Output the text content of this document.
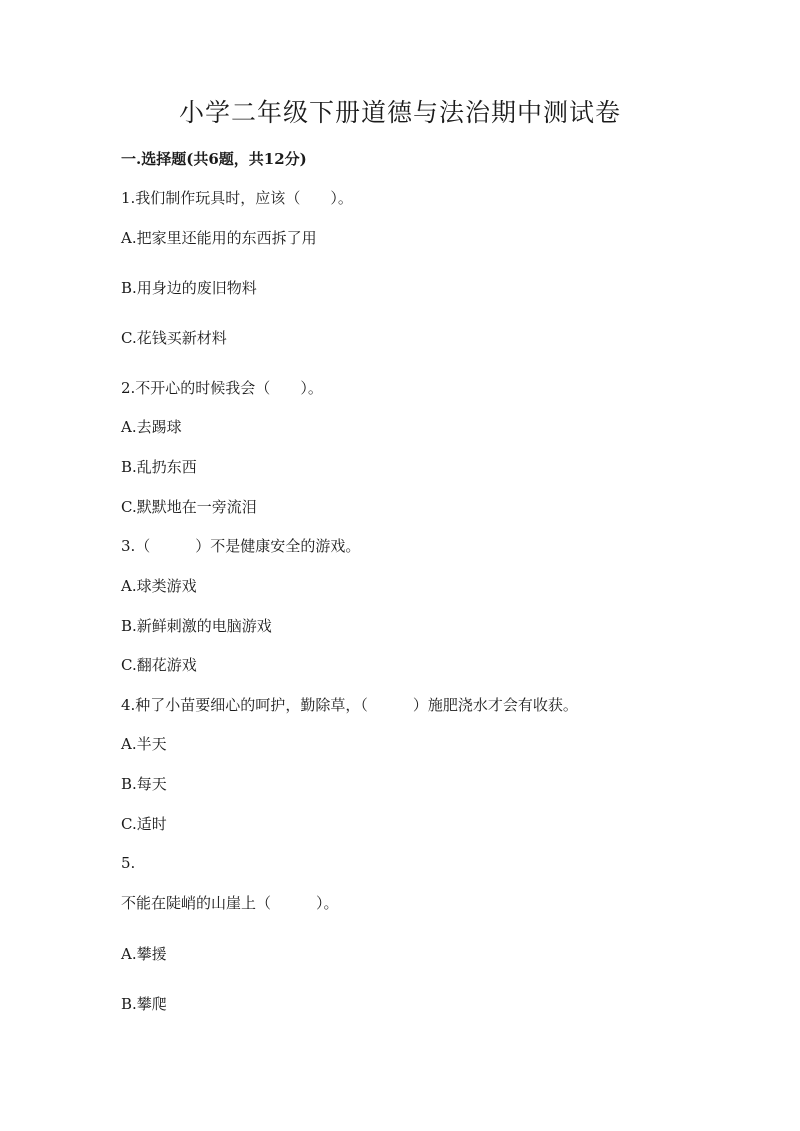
小学二年级下册道德与法治期中测试卷
一.选择题(共6题，共12分)
1.我们制作玩具时，应该（　　）。
A.把家里还能用的东西拆了用
B.用身边的废旧物料
C.花钱买新材料
2.不开心的时候我会（　　）。
A.去踢球
B.乱扔东西
C.默默地在一旁流泪
3.（　　　）不是健康安全的游戏。
A.球类游戏
B.新鲜刺激的电脑游戏
C.翻花游戏
4.种了小苗要细心的呵护，勤除草，（　　　）施肥浇水才会有收获。
A.半天
B.每天
C.适时
5.
不能在陡峭的山崖上（　　　）。
A.攀援
B.攀爬
